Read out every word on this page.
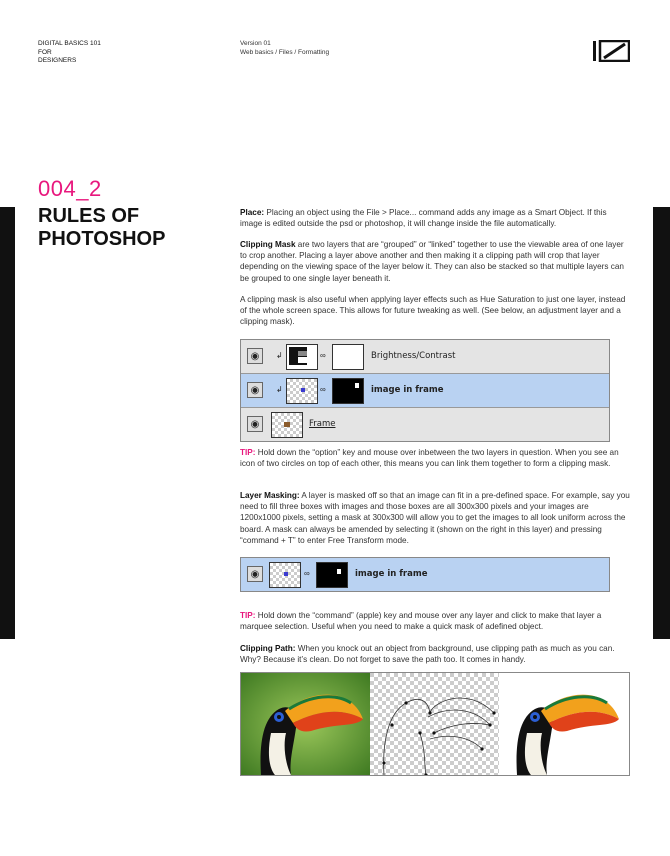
DIGITAL BASICS 101
FOR
DESIGNERS
Version 01
Web basics / Files / Formatting
004_2
RULES OF
PHOTOSHOP
Place: Placing an object using the File > Place... command adds any image as a Smart Object. If this image is edited outside the psd or photoshop, it will change inside the file automatically.
Clipping Mask are two layers that are “grouped” or “linked” together to use the viewable area of one layer to crop another. Placing a layer above another and then making it a clipping path will crop that layer depending on the viewing space of the layer below it. They can also be stacked so that multiple layers can be grouped to one single layer beneath it.
A clipping mask is also useful when applying layer effects such as Hue Saturation to just one layer, instead of the whole screen space. This allows for future tweaking as well. (See below, an adjustment layer and a clipping mask).
◉	↲	∞	Brightness/Contrast
◉	↲	∞	image in frame
◉	Frame
TIP: Hold down the “option” key and mouse over inbetween the two layers in question. When you see an icon of two circles on top of each other, this means you can link them together to form a clipping mask.
Layer Masking: A layer is masked off so that an image can fit in a pre-defined space. For example, say you need to fill three boxes with images and those boxes are all 300x300 pixels and your images are 1200x1000 pixels, setting a mask at 300x300 will allow you to get the images to all look uniform across the board. A mask can always be amended by selecting it (shown on the right in this layer) and pressing “command + T” to enter Free Transform mode.
◉	∞	image in frame
TIP: Hold down the “command” (apple) key and mouse over any layer and click to make that layer a marquee selection. Useful when you need to make a quick mask of adefined object.
Clipping Path: When you knock out an object from background, use clipping path as much as you can. Why? Because it’s clean. Do not forget to save the path too. It comes in handy.
